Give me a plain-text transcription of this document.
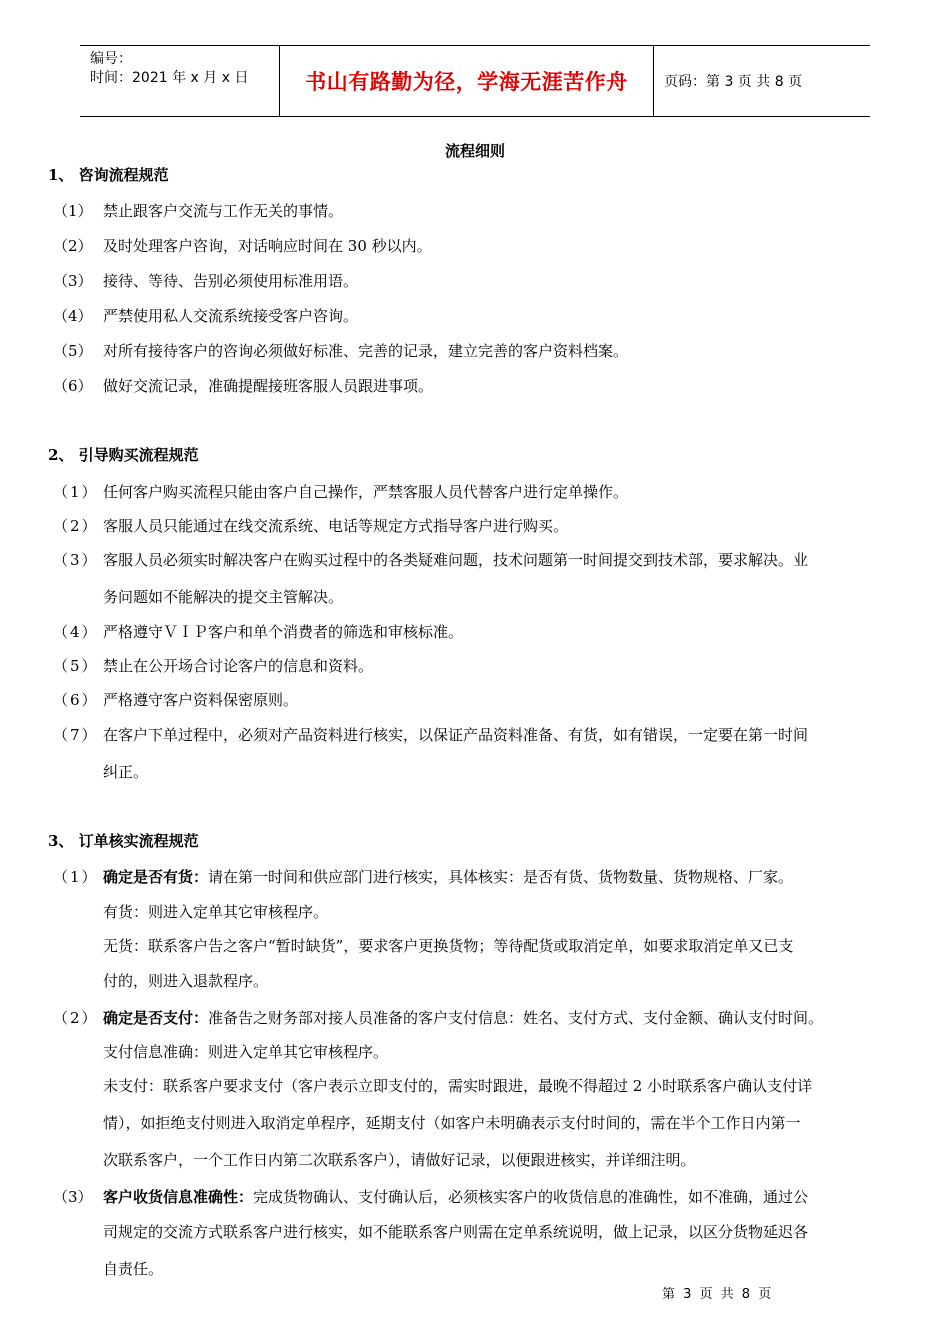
编号：
时间：2021 年 x 月 x 日	书山有路勤为径，学海无涯苦作舟	页码：第 3 页 共 8 页
流程细则
1、 咨询流程规范
（1） 禁止跟客户交流与工作无关的事情。
（2） 及时处理客户咨询，对话响应时间在 30 秒以内。
（3） 接待、等待、告别必须使用标准用语。
（4） 严禁使用私人交流系统接受客户咨询。
（5） 对所有接待客户的咨询必须做好标准、完善的记录，建立完善的客户资料档案。
（6） 做好交流记录，准确提醒接班客服人员跟进事项。
2、 引导购买流程规范
（1） 任何客户购买流程只能由客户自己操作，严禁客服人员代替客户进行定单操作。
（2） 客服人员只能通过在线交流系统、电话等规定方式指导客户进行购买。
（3） 客服人员必须实时解决客户在购买过程中的各类疑难问题，技术问题第一时间提交到技术部，要求解决。业
务问题如不能解决的提交主管解决。
（4） 严格遵守ＶＩＰ客户和单个消费者的筛选和审核标准。
（5） 禁止在公开场合讨论客户的信息和资料。
（6） 严格遵守客户资料保密原则。
（7） 在客户下单过程中，必须对产品资料进行核实，以保证产品资料准备、有货，如有错误，一定要在第一时间
纠正。
3、 订单核实流程规范
（1） 确定是否有货：请在第一时间和供应部门进行核实，具体核实：是否有货、货物数量、货物规格、厂家。
有货：则进入定单其它审核程序。
无货：联系客户告之客户“暂时缺货”，要求客户更换货物；等待配货或取消定单，如要求取消定单又已支
付的，则进入退款程序。
（2） 确定是否支付：准备告之财务部对接人员准备的客户支付信息：姓名、支付方式、支付金额、确认支付时间。
支付信息准确：则进入定单其它审核程序。
未支付：联系客户要求支付（客户表示立即支付的，需实时跟进，最晚不得超过 2 小时联系客户确认支付详
情），如拒绝支付则进入取消定单程序，延期支付（如客户未明确表示支付时间的，需在半个工作日内第一
次联系客户，一个工作日内第二次联系客户），请做好记录，以便跟进核实，并详细注明。
（3） 客户收货信息准确性：完成货物确认、支付确认后，必须核实客户的收货信息的准确性，如不准确，通过公
司规定的交流方式联系客户进行核实，如不能联系客户则需在定单系统说明，做上记录，以区分货物延迟各
自责任。
第 3 页 共 8 页
